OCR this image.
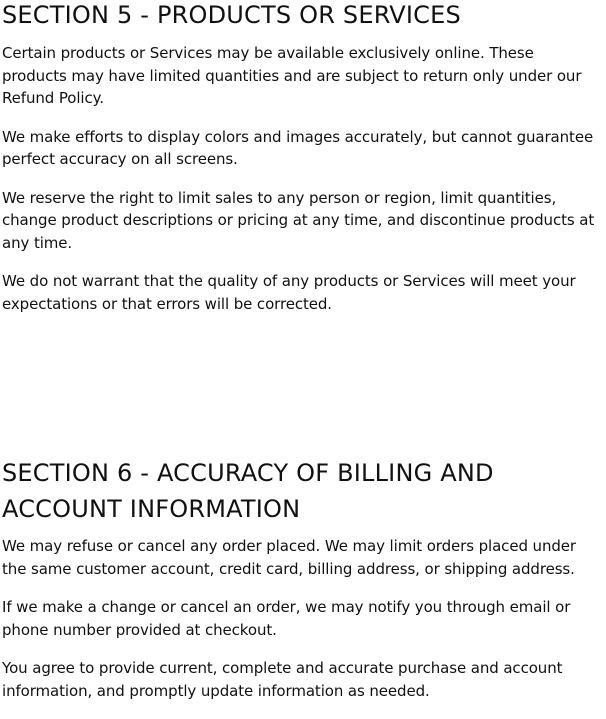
SECTION 5 - PRODUCTS OR SERVICES

Certain products or Services may be available exclusively online. These products may have limited quantities and are subject to return only under our Refund Policy.

We make efforts to display colors and images accurately, but cannot guarantee perfect accuracy on all screens.

We reserve the right to limit sales to any person or region, limit quantities, change product descriptions or pricing at any time, and discontinue products at any time.

We do not warrant that the quality of any products or Services will meet your expectations or that errors will be corrected.

SECTION 6 - ACCURACY OF BILLING AND ACCOUNT INFORMATION

We may refuse or cancel any order placed. We may limit orders placed under the same customer account, credit card, billing address, or shipping address.

If we make a change or cancel an order, we may notify you through email or phone number provided at checkout.

You agree to provide current, complete and accurate purchase and account information, and promptly update information as needed.
